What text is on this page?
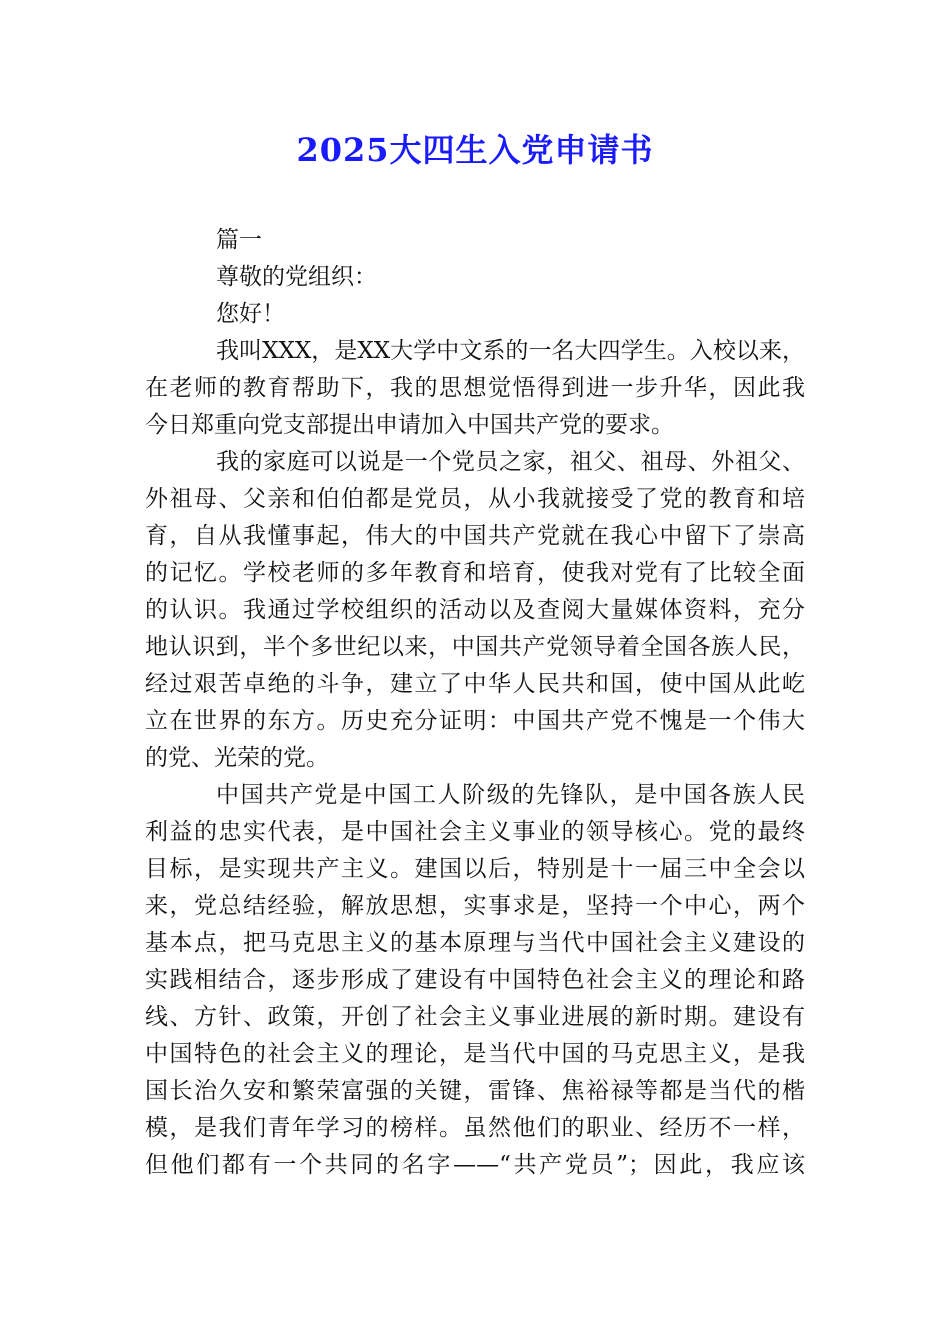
2025大四生入党申请书
篇一
尊敬的党组织：
您好！
我叫XXX，是XX大学中文系的一名大四学生。入校以来，
在老师的教育帮助下，我的思想觉悟得到进一步升华，因此我
今日郑重向党支部提出申请加入中国共产党的要求。
我的家庭可以说是一个党员之家，祖父、祖母、外祖父、
外祖母、父亲和伯伯都是党员，从小我就接受了党的教育和培
育，自从我懂事起，伟大的中国共产党就在我心中留下了崇高
的记忆。学校老师的多年教育和培育，使我对党有了比较全面
的认识。我通过学校组织的活动以及查阅大量媒体资料，充分
地认识到，半个多世纪以来，中国共产党领导着全国各族人民，
经过艰苦卓绝的斗争，建立了中华人民共和国，使中国从此屹
立在世界的东方。历史充分证明：中国共产党不愧是一个伟大
的党、光荣的党。
中国共产党是中国工人阶级的先锋队，是中国各族人民
利益的忠实代表，是中国社会主义事业的领导核心。党的最终
目标，是实现共产主义。建国以后，特别是十一届三中全会以
来，党总结经验，解放思想，实事求是，坚持一个中心，两个
基本点，把马克思主义的基本原理与当代中国社会主义建设的
实践相结合，逐步形成了建设有中国特色社会主义的理论和路
线、方针、政策，开创了社会主义事业进展的新时期。建设有
中国特色的社会主义的理论，是当代中国的马克思主义，是我
国长治久安和繁荣富强的关键，雷锋、焦裕禄等都是当代的楷
模，是我们青年学习的榜样。虽然他们的职业、经历不一样，
但他们都有一个共同的名字——“共产党员”；因此，我应该
